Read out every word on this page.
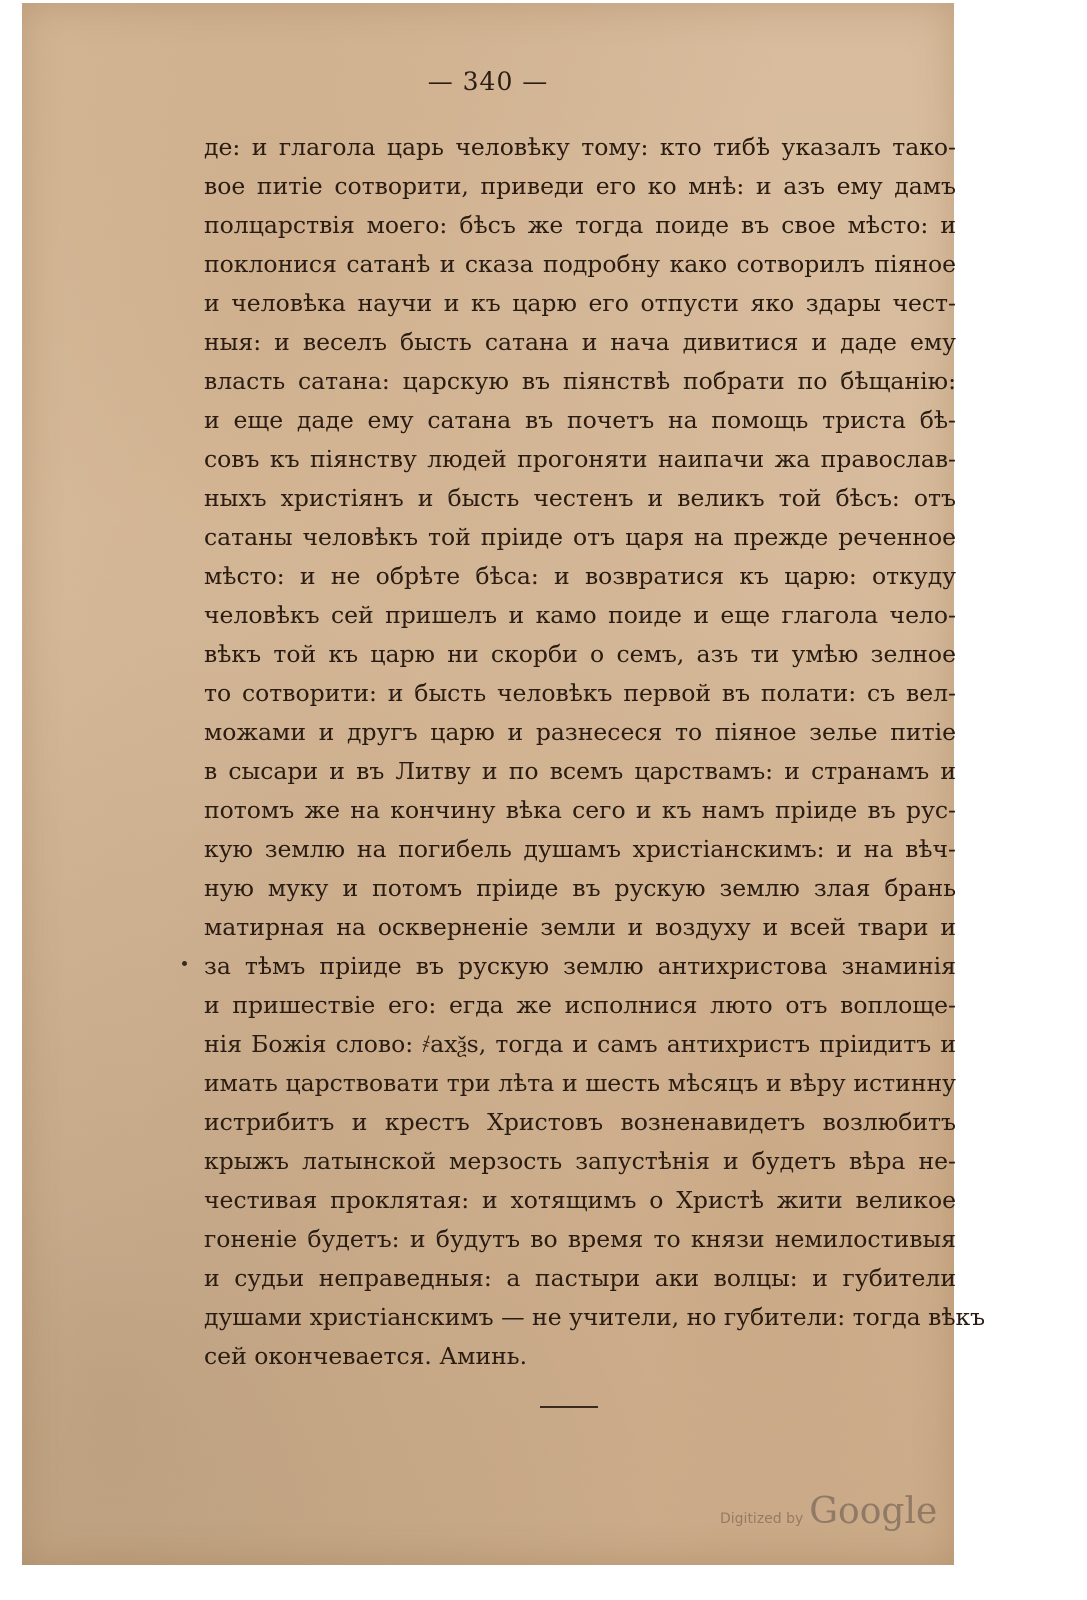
— 340 —
де: и глагола царь человѣку тому: кто тибѣ указалъ тако-
вое питіе сотворити, приведи его ко мнѣ: и азъ ему дамъ
полцарствія моего: бѣсъ же тогда поиде въ свое мѣсто: и
поклонися сатанѣ и сказа подробну како сотворилъ піяное
и человѣка научи и къ царю его отпусти яко здары чест-
ныя: и веселъ бысть сатана и нача дивитися и даде ему
власть сатана: царскую въ піянствѣ побрати по бѣщанію:
и еще даде ему сатана въ почетъ на помощь триста бѣ-
совъ къ піянству людей прогоняти наипачи жа православ-
ныхъ христіянъ и бысть честенъ и великъ той бѣсъ: отъ
сатаны человѣкъ той пріиде отъ царя на прежде реченное
мѣсто: и не обрѣте бѣса: и возвратися къ царю: откуду
человѣкъ сей пришелъ и камо поиде и еще глагола чело-
вѣкъ той къ царю ни скорби о семъ, азъ ти умѣю зелное
то сотворити: и бысть человѣкъ первой въ полати: съ вел-
можами и другъ царю и разнесеся то піяное зелье питіе
в сысари и въ Литву и по всемъ царствамъ: и странамъ и
потомъ же на кончину вѣка сего и къ намъ пріиде въ рус-
кую землю на погибель душамъ христіанскимъ: и на вѣч-
ную муку и потомъ пріиде въ рускую землю злая брань
матирная на оскверненіе земли и воздуху и всей твари и
за тѣмъ пріиде въ рускую землю антихристова знаминія
и пришествіе его: егда же исполнися люто отъ воплоще-
нія Божія слово: ҂ахѯѕ, тогда и самъ антихристъ пріидитъ и
имать царствовати три лѣта и шесть мѣсяцъ и вѣру истинну
истрибитъ и крестъ Христовъ возненавидетъ возлюбитъ
крыжъ латынской мерзость запустѣнія и будетъ вѣра не-
честивая проклятая: и хотящимъ о Христѣ жити великое
гоненіе будетъ: и будутъ во время то князи немилостивыя
и судьи неправедныя: а пастыри аки волцы: и губители
душами христіанскимъ — не учители, но губители: тогда вѣкъ
сей окончевается. Аминь.
Digitized by Google
